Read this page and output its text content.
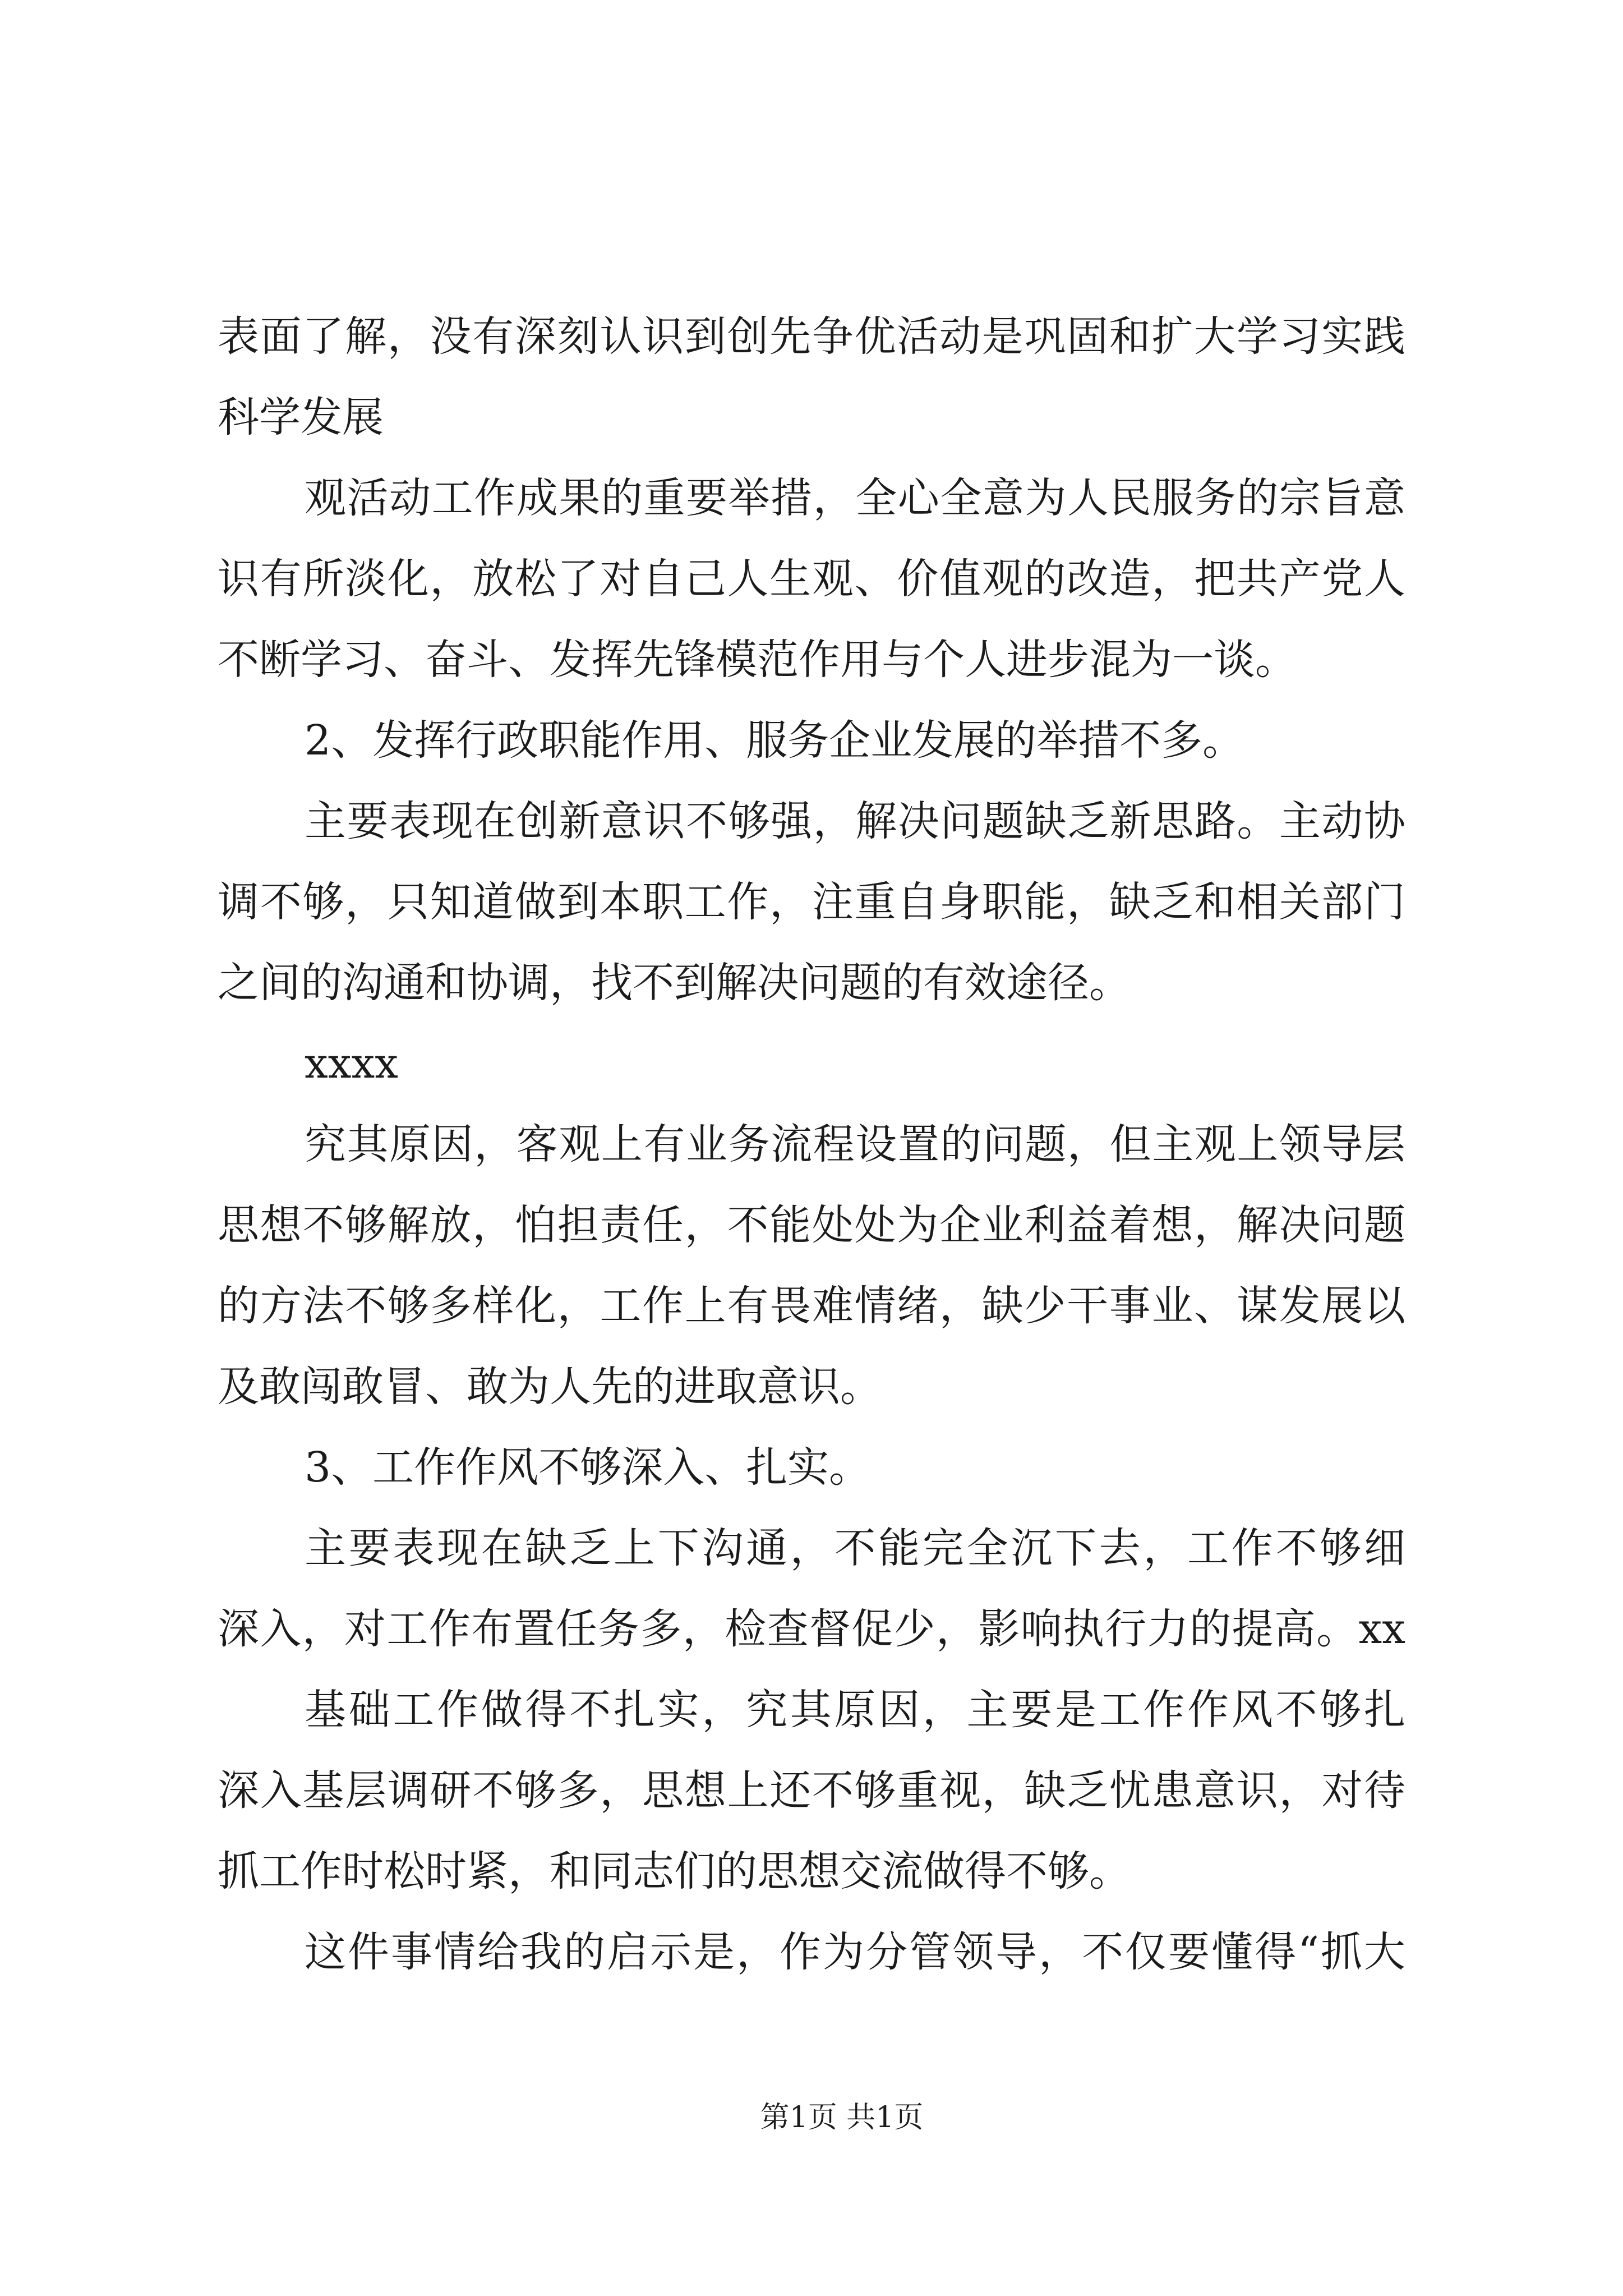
表面了解，没有深刻认识到创先争优活动是巩固和扩大学习实践
科学发展
观活动工作成果的重要举措，全心全意为人民服务的宗旨意
识有所淡化，放松了对自己人生观、价值观的改造，把共产党人
不断学习、奋斗、发挥先锋模范作用与个人进步混为一谈。
2、发挥行政职能作用、服务企业发展的举措不多。
主要表现在创新意识不够强，解决问题缺乏新思路。主动协
调不够，只知道做到本职工作，注重自身职能，缺乏和相关部门
之间的沟通和协调，找不到解决问题的有效途径。
xxxx
究其原因，客观上有业务流程设置的问题，但主观上领导层
思想不够解放，怕担责任，不能处处为企业利益着想，解决问题
的方法不够多样化，工作上有畏难情绪，缺少干事业、谋发展以
及敢闯敢冒、敢为人先的进取意识。
3、工作作风不够深入、扎实。
主要表现在缺乏上下沟通，不能完全沉下去，工作不够细
深入，对工作布置任务多，检查督促少，影响执行力的提高。xx
基础工作做得不扎实，究其原因，主要是工作作风不够扎
深入基层调研不够多，思想上还不够重视，缺乏忧患意识，对待
抓工作时松时紧，和同志们的思想交流做得不够。
这件事情给我的启示是，作为分管领导，不仅要懂得“抓大
第1页 共1页
